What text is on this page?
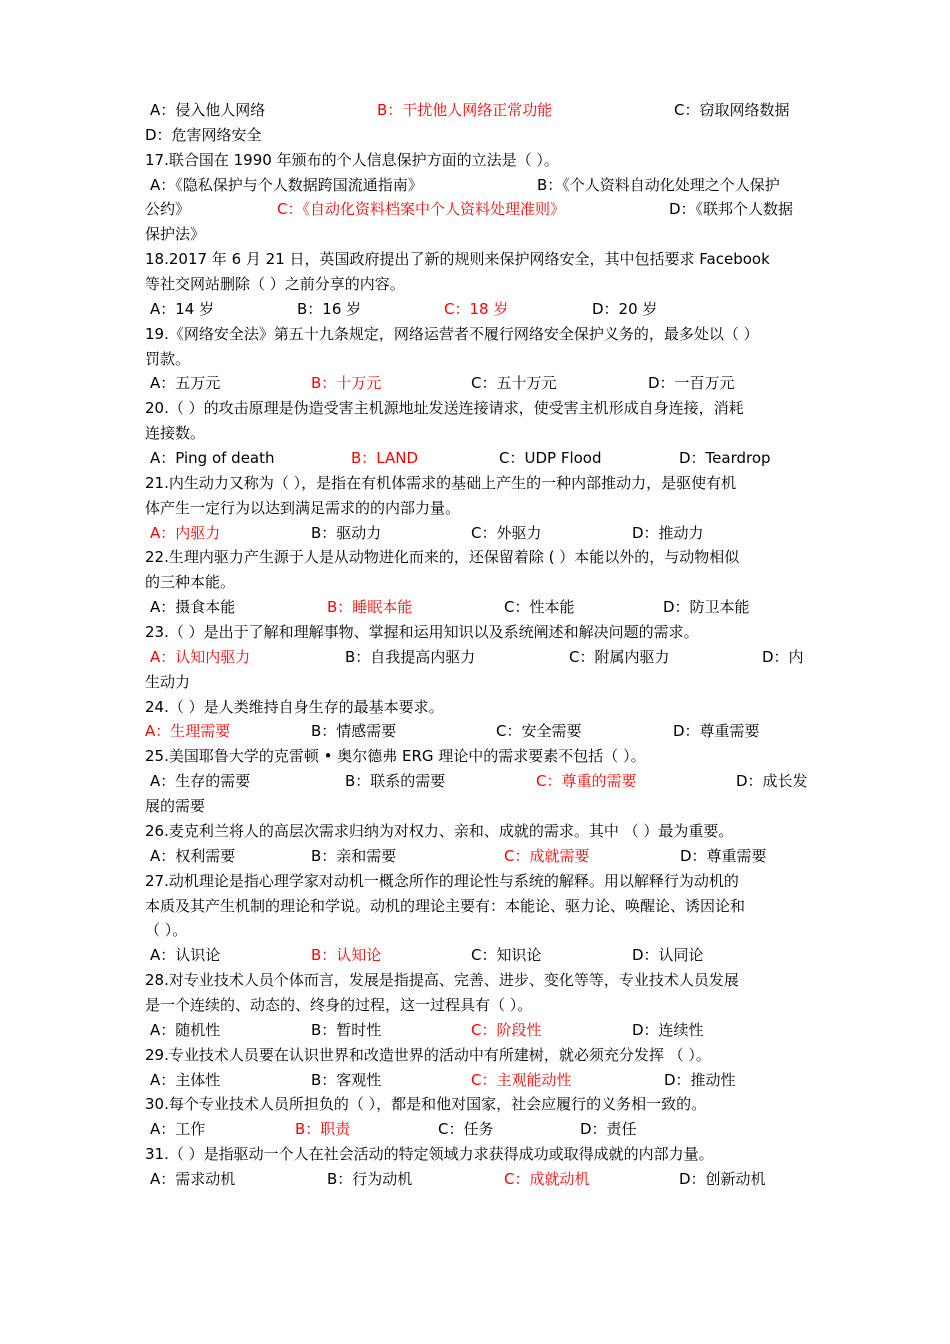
A：侵入他人网络	B：干扰他人网络正常功能	C：窃取网络数据
D：危害网络安全
17.联合国在 1990 年颁布的个人信息保护方面的立法是（ ）。
A：《隐私保护与个人数据跨国流通指南》	B：《个人资料自动化处理之个人保护
公约》	C：《自动化资料档案中个人资料处理准则》	D：《联邦个人数据
保护法》
18.2017 年 6 月 21 日，英国政府提出了新的规则来保护网络安全，其中包括要求 Facebook
等社交网站删除（ ）之前分享的内容。
A：14 岁	B：16 岁	C：18 岁	D：20 岁
19.《网络安全法》第五十九条规定，网络运营者不履行网络安全保护义务的，最多处以（ ）
罚款。
A：五万元	B：十万元	C：五十万元	D：一百万元
20.（ ）的攻击原理是伪造受害主机源地址发送连接请求，使受害主机形成自身连接，消耗
连接数。
A：Ping of death	B：LAND	C：UDP Flood	D：Teardrop
21.内生动力又称为（ ），是指在有机体需求的基础上产生的一种内部推动力，是驱使有机
体产生一定行为以达到满足需求的的内部力量。
A：内驱力	B：驱动力	C：外驱力	D：推动力
22.生理内驱力产生源于人是从动物进化而来的，还保留着除 ( ）本能以外的，与动物相似
的三种本能。
A：摄食本能	B：睡眠本能	C：性本能	D：防卫本能
23.（ ）是出于了解和理解事物、掌握和运用知识以及系统阐述和解决问题的需求。
A：认知内驱力	B：自我提高内驱力	C：附属内驱力	D：内
生动力
24.（ ）是人类维持自身生存的最基本要求。
A：生理需要	B：情感需要	C：安全需要	D：尊重需要
25.美国耶鲁大学的克雷顿 • 奥尔德弗 ERG 理论中的需求要素不包括（ ）。
A：生存的需要	B：联系的需要	C：尊重的需要	D：成长发
展的需要
26.麦克利兰将人的高层次需求归纳为对权力、亲和、成就的需求。其中 （ ）最为重要。
A：权利需要	B：亲和需要	C：成就需要	D：尊重需要
27.动机理论是指心理学家对动机一概念所作的理论性与系统的解释。用以解释行为动机的
本质及其产生机制的理论和学说。动机的理论主要有：本能论、驱力论、唤醒论、诱因论和
（ ）。
A：认识论	B：认知论	C：知识论	D：认同论
28.对专业技术人员个体而言，发展是指提高、完善、进步、变化等等，专业技术人员发展
是一个连续的、动态的、终身的过程，这一过程具有（ ）。
A：随机性	B：暂时性	C：阶段性	D：连续性
29.专业技术人员要在认识世界和改造世界的活动中有所建树，就必须充分发挥 （ ）。
A：主体性	B：客观性	C：主观能动性	D：推动性
30.每个专业技术人员所担负的（ ），都是和他对国家，社会应履行的义务相一致的。
A：工作	B：职责	C：任务	D：责任
31.（ ）是指驱动一个人在社会活动的特定领域力求获得成功或取得成就的内部力量。
A：需求动机	B：行为动机	C：成就动机	D：创新动机
